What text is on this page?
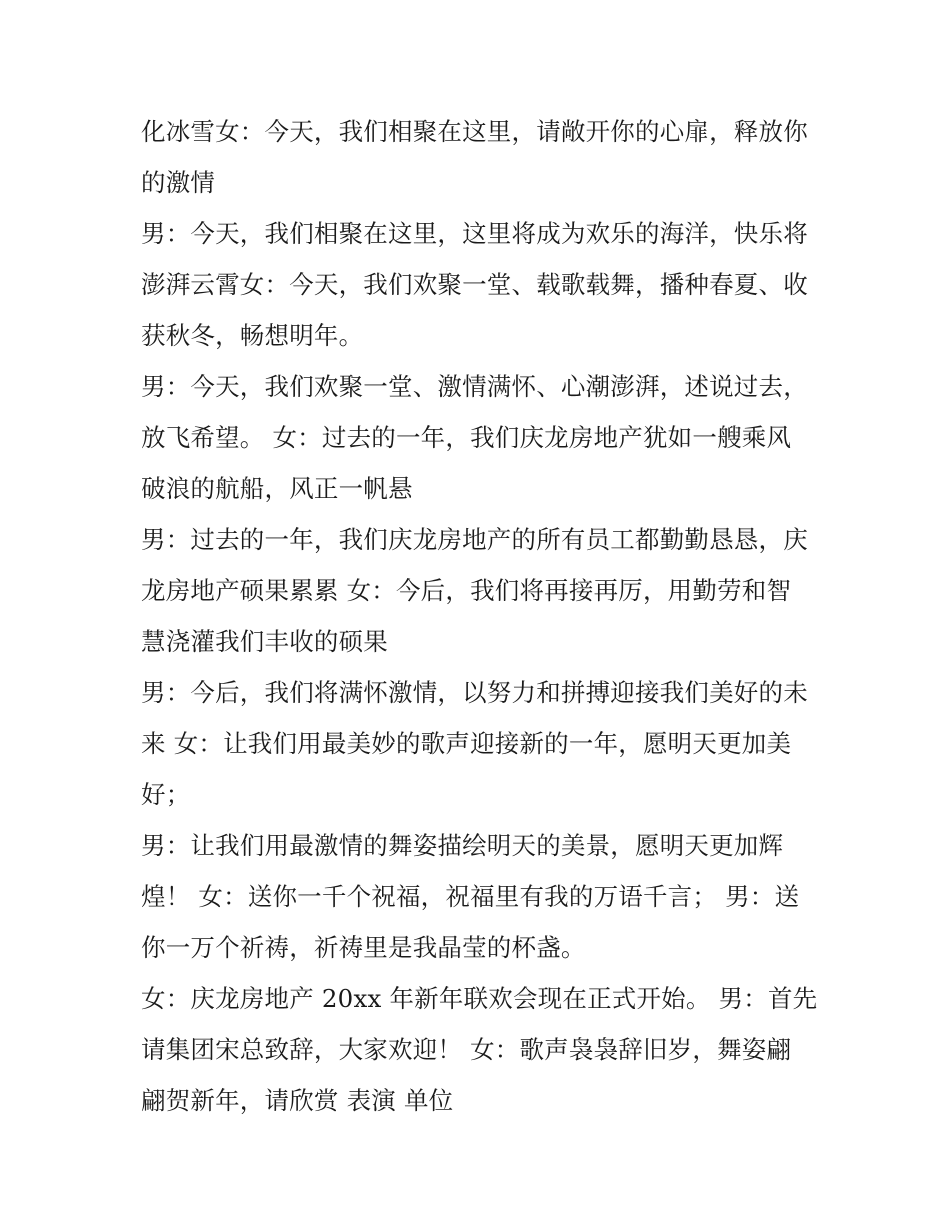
化冰雪女：今天，我们相聚在这里，请敞开你的心扉，释放你
的激情
男：今天，我们相聚在这里，这里将成为欢乐的海洋，快乐将
澎湃云霄女：今天，我们欢聚一堂、载歌载舞，播种春夏、收
获秋冬，畅想明年。
男：今天，我们欢聚一堂、激情满怀、心潮澎湃，述说过去，
放飞希望。 女：过去的一年，我们庆龙房地产犹如一艘乘风
破浪的航船，风正一帆悬
男：过去的一年，我们庆龙房地产的所有员工都勤勤恳恳，庆
龙房地产硕果累累 女：今后，我们将再接再厉，用勤劳和智
慧浇灌我们丰收的硕果
男：今后，我们将满怀激情，以努力和拼搏迎接我们美好的未
来 女：让我们用最美妙的歌声迎接新的一年，愿明天更加美
好；
男：让我们用最激情的舞姿描绘明天的美景，愿明天更加辉
煌！ 女：送你一千个祝福，祝福里有我的万语千言； 男：送
你一万个祈祷，祈祷里是我晶莹的杯盏。
女：庆龙房地产 20xx 年新年联欢会现在正式开始。 男：首先
请集团宋总致辞，大家欢迎！ 女：歌声袅袅辞旧岁，舞姿翩
翩贺新年，请欣赏 表演 单位
